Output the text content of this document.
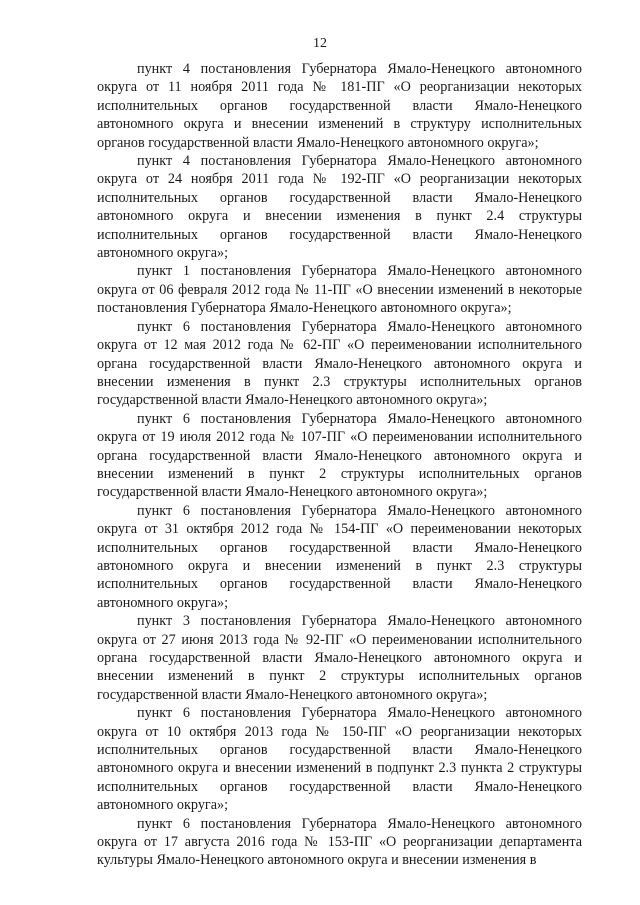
12

пункт 4 постановления Губернатора Ямало-Ненецкого автономного округа от 11 ноября 2011 года № 181-ПГ «О реорганизации некоторых исполнительных органов государственной власти Ямало-Ненецкого автономного округа и внесении изменений в структуру исполнительных органов государственной власти Ямало-Ненецкого автономного округа»;

пункт 4 постановления Губернатора Ямало-Ненецкого автономного округа от 24 ноября 2011 года № 192-ПГ «О реорганизации некоторых исполнительных органов государственной власти Ямало-Ненецкого автономного округа и внесении изменения в пункт 2.4 структуры исполнительных органов государственной власти Ямало-Ненецкого автономного округа»;

пункт 1 постановления Губернатора Ямало-Ненецкого автономного округа от 06 февраля 2012 года № 11-ПГ «О внесении изменений в некоторые постановления Губернатора Ямало-Ненецкого автономного округа»;

пункт 6 постановления Губернатора Ямало-Ненецкого автономного округа от 12 мая 2012 года № 62-ПГ «О переименовании исполнительного органа государственной власти Ямало-Ненецкого автономного округа и внесении изменения в пункт 2.3 структуры исполнительных органов государственной власти Ямало-Ненецкого автономного округа»;

пункт 6 постановления Губернатора Ямало-Ненецкого автономного округа от 19 июля 2012 года № 107-ПГ «О переименовании исполнительного органа государственной власти Ямало-Ненецкого автономного округа и внесении изменений в пункт 2 структуры исполнительных органов государственной власти Ямало-Ненецкого автономного округа»;

пункт 6 постановления Губернатора Ямало-Ненецкого автономного округа от 31 октября 2012 года № 154-ПГ «О переименовании некоторых исполнительных органов государственной власти Ямало-Ненецкого автономного округа и внесении изменений в пункт 2.3 структуры исполнительных органов государственной власти Ямало-Ненецкого автономного округа»;

пункт 3 постановления Губернатора Ямало-Ненецкого автономного округа от 27 июня 2013 года № 92-ПГ «О переименовании исполнительного органа государственной власти Ямало-Ненецкого автономного округа и внесении изменений в пункт 2 структуры исполнительных органов государственной власти Ямало-Ненецкого автономного округа»;

пункт 6 постановления Губернатора Ямало-Ненецкого автономного округа от 10 октября 2013 года № 150-ПГ «О реорганизации некоторых исполнительных органов государственной власти Ямало-Ненецкого автономного округа и внесении изменений в подпункт 2.3 пункта 2 структуры исполнительных органов государственной власти Ямало-Ненецкого автономного округа»;

пункт 6 постановления Губернатора Ямало-Ненецкого автономного округа от 17 августа 2016 года № 153-ПГ «О реорганизации департамента культуры Ямало-Ненецкого автономного округа и внесении изменения в
